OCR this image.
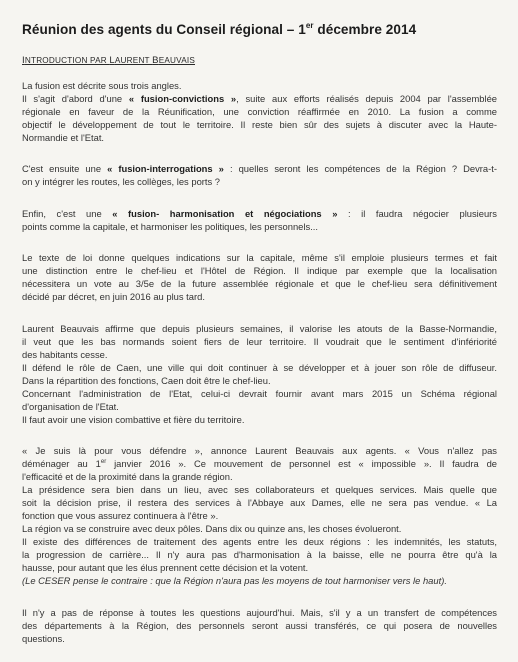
Réunion des agents du Conseil régional – 1er décembre 2014
INTRODUCTION PAR LAURENT BEAUVAIS
La fusion est décrite sous trois angles.
Il s'agit d'abord d'une « fusion-convictions », suite aux efforts réalisés depuis 2004 par l'assemblée
régionale en faveur de la Réunification, une conviction réaffirmée en 2010. La fusion a comme
objectif le développement de tout le territoire. Il reste bien sûr des sujets à discuter avec la Haute-
Normandie et l'Etat.
C'est ensuite une « fusion-interrogations » : quelles seront les compétences de la Région ? Devra-t-
on y intégrer les routes, les collèges, les ports ?
Enfin, c'est une « fusion- harmonisation et négociations » : il faudra négocier plusieurs
points comme la capitale, et harmoniser les politiques, les personnels...
Le texte de loi donne quelques indications sur la capitale, même s'il emploie plusieurs termes et fait
une distinction entre le chef-lieu et l'Hôtel de Région. Il indique par exemple que la localisation
nécessitera un vote au 3/5e de la future assemblée régionale et que le chef-lieu sera définitivement
décidé par décret, en juin 2016 au plus tard.
Laurent Beauvais affirme que depuis plusieurs semaines, il valorise les atouts de la Basse-Normandie,
il veut que les bas normands soient fiers de leur territoire. Il voudrait que le sentiment d'infériorité
des habitants cesse.
Il défend le rôle de Caen, une ville qui doit continuer à se développer et à jouer son rôle de diffuseur.
Dans la répartition des fonctions, Caen doit être le chef-lieu.
Concernant l'administration de l'Etat, celui-ci devrait fournir avant mars 2015 un Schéma régional
d'organisation de l'Etat.
Il faut avoir une vision combattive et fière du territoire.
« Je suis là pour vous défendre », annonce Laurent Beauvais aux agents. « Vous n'allez pas
déménager au 1er janvier 2016 ». Ce mouvement de personnel est « impossible ». Il faudra de
l'efficacité et de la proximité dans la grande région.
La présidence sera bien dans un lieu, avec ses collaborateurs et quelques services. Mais quelle que
soit la décision prise, il restera des services à l'Abbaye aux Dames, elle ne sera pas vendue. « La
fonction que vous assurez continuera à l'être ».
La région va se construire avec deux pôles. Dans dix ou quinze ans, les choses évolueront.
Il existe des différences de traitement des agents entre les deux régions : les indemnités, les statuts,
la progression de carrière... Il n'y aura pas d'harmonisation à la baisse, elle ne pourra être qu'à la
hausse, pour autant que les élus prennent cette décision et la votent.
(Le CESER pense le contraire : que la Région n'aura pas les moyens de tout harmoniser vers le haut).
Il n'y a pas de réponse à toutes les questions aujourd'hui. Mais, s'il y a un transfert de compétences
des départements à la Région, des personnels seront aussi transférés, ce qui posera de nouvelles
questions.
